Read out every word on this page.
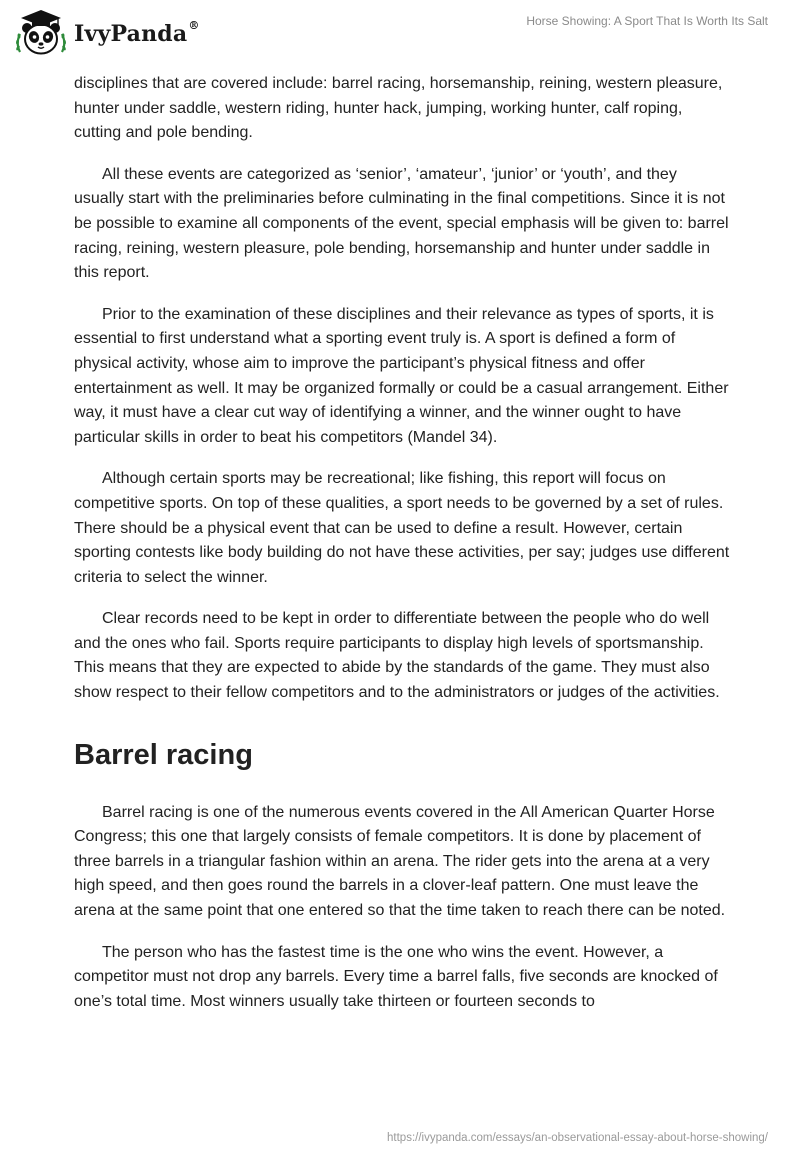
IvyPanda®	Horse Showing: A Sport That Is Worth Its Salt

disciplines that are covered include: barrel racing, horsemanship, reining, western pleasure, hunter under saddle, western riding, hunter hack, jumping, working hunter, calf roping, cutting and pole bending.

All these events are categorized as ‘senior’, ‘amateur’, ‘junior’ or ‘youth’, and they usually start with the preliminaries before culminating in the final competitions. Since it is not be possible to examine all components of the event, special emphasis will be given to: barrel racing, reining, western pleasure, pole bending, horsemanship and hunter under saddle in this report.

Prior to the examination of these disciplines and their relevance as types of sports, it is essential to first understand what a sporting event truly is. A sport is defined a form of physical activity, whose aim to improve the participant’s physical fitness and offer entertainment as well. It may be organized formally or could be a casual arrangement. Either way, it must have a clear cut way of identifying a winner, and the winner ought to have particular skills in order to beat his competitors (Mandel 34).

Although certain sports may be recreational; like fishing, this report will focus on competitive sports. On top of these qualities, a sport needs to be governed by a set of rules. There should be a physical event that can be used to define a result. However, certain sporting contests like body building do not have these activities, per say; judges use different criteria to select the winner.

Clear records need to be kept in order to differentiate between the people who do well and the ones who fail. Sports require participants to display high levels of sportsmanship. This means that they are expected to abide by the standards of the game. They must also show respect to their fellow competitors and to the administrators or judges of the activities.

Barrel racing

Barrel racing is one of the numerous events covered in the All American Quarter Horse Congress; this one that largely consists of female competitors. It is done by placement of three barrels in a triangular fashion within an arena. The rider gets into the arena at a very high speed, and then goes round the barrels in a clover-leaf pattern. One must leave the arena at the same point that one entered so that the time taken to reach there can be noted.

The person who has the fastest time is the one who wins the event. However, a competitor must not drop any barrels. Every time a barrel falls, five seconds are knocked of one’s total time. Most winners usually take thirteen or fourteen seconds to

https://ivypanda.com/essays/an-observational-essay-about-horse-showing/
